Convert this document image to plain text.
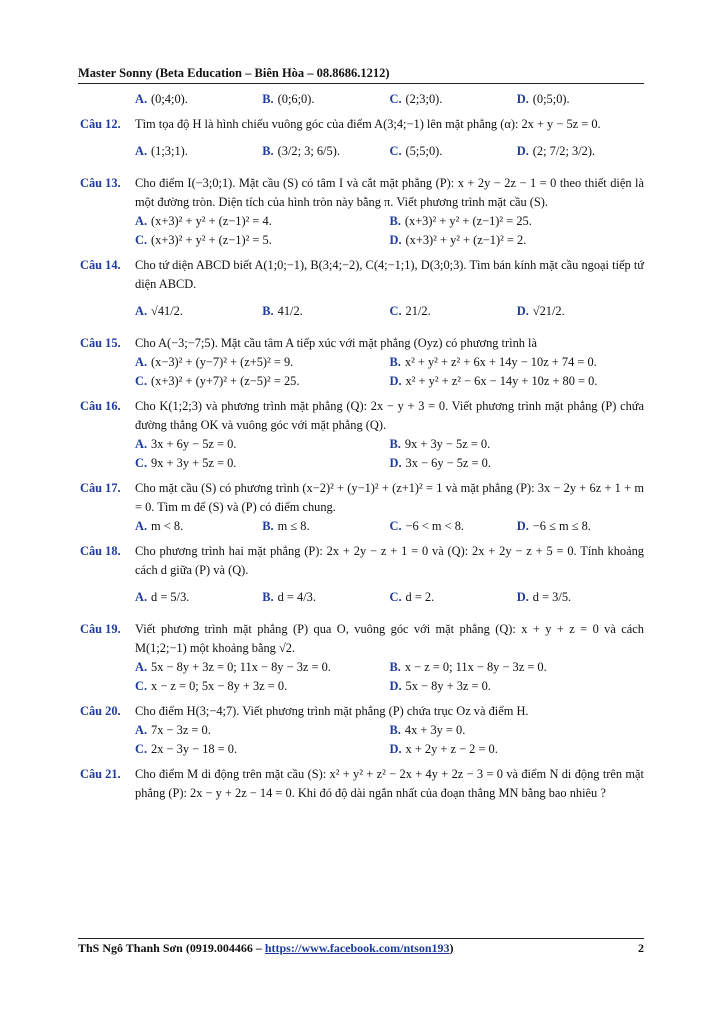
Master Sonny (Beta Education – Biên Hòa – 08.8686.1212)
A. (0;4;0).	B. (0;6;0).	C. (2;3;0).	D. (0;5;0).
Câu 12. Tìm tọa độ H là hình chiếu vuông góc của điểm A(3;4;−1) lên mặt phẳng (α): 2x + y − 5z = 0.
A. (1;3;1).	B. (3/2; 3; 6/5).	C. (5;5;0).	D. (2; 7/2; 3/2).
Câu 13. Cho điểm I(−3;0;1). Mặt cầu (S) có tâm I và cắt mặt phẳng (P): x + 2y − 2z − 1 = 0 theo thiết diện là một đường tròn. Diện tích của hình tròn này bằng π. Viết phương trình mặt cầu (S).
A. (x+3)² + y² + (z−1)² = 4.	B. (x+3)² + y² + (z−1)² = 25.
C. (x+3)² + y² + (z−1)² = 5.	D. (x+3)² + y² + (z−1)² = 2.
Câu 14. Cho tứ diện ABCD biết A(1;0;−1), B(3;4;−2), C(4;−1;1), D(3;0;3). Tìm bán kính mặt cầu ngoại tiếp tứ diện ABCD.
A. √41/2.	B. 41/2.	C. 21/2.	D. √21/2.
Câu 15. Cho A(−3;−7;5). Mặt cầu tâm A tiếp xúc với mặt phẳng (Oyz) có phương trình là
A. (x−3)² + (y−7)² + (z+5)² = 9.	B. x² + y² + z² + 6x + 14y − 10z + 74 = 0.
C. (x+3)² + (y+7)² + (z−5)² = 25.	D. x² + y² + z² − 6x − 14y + 10z + 80 = 0.
Câu 16. Cho K(1;2;3) và phương trình mặt phẳng (Q): 2x − y + 3 = 0. Viết phương trình mặt phẳng (P) chứa đường thẳng OK và vuông góc với mặt phẳng (Q).
A. 3x + 6y − 5z = 0.	B. 9x + 3y − 5z = 0.
C. 9x + 3y + 5z = 0.	D. 3x − 6y − 5z = 0.
Câu 17. Cho mặt cầu (S) có phương trình (x−2)² + (y−1)² + (z+1)² = 1 và mặt phẳng (P): 3x − 2y + 6z + 1 + m = 0. Tìm m để (S) và (P) có điểm chung.
A. m < 8.	B. m ≤ 8.	C. −6 < m < 8.	D. −6 ≤ m ≤ 8.
Câu 18. Cho phương trình hai mặt phẳng (P): 2x + 2y − z + 1 = 0 và (Q): 2x + 2y − z + 5 = 0. Tính khoảng cách d giữa (P) và (Q).
A. d = 5/3.	B. d = 4/3.	C. d = 2.	D. d = 3/5.
Câu 19. Viết phương trình mặt phẳng (P) qua O, vuông góc với mặt phẳng (Q): x + y + z = 0 và cách M(1;2;−1) một khoảng bằng √2.
A. 5x − 8y + 3z = 0; 11x − 8y − 3z = 0.	B. x − z = 0; 11x − 8y − 3z = 0.
C. x − z = 0; 5x − 8y + 3z = 0.	D. 5x − 8y + 3z = 0.
Câu 20. Cho điểm H(3;−4;7). Viết phương trình mặt phẳng (P) chứa trục Oz và điểm H.
A. 7x − 3z = 0.	B. 4x + 3y = 0.
C. 2x − 3y − 18 = 0.	D. x + 2y + z − 2 = 0.
Câu 21. Cho điểm M di động trên mặt cầu (S): x² + y² + z² − 2x + 4y + 2z − 3 = 0 và điểm N di động trên mặt phẳng (P): 2x − y + 2z − 14 = 0. Khi đó độ dài ngắn nhất của đoạn thẳng MN bằng bao nhiêu ?
ThS Ngô Thanh Sơn (0919.004466 – https://www.facebook.com/ntson193)	2
